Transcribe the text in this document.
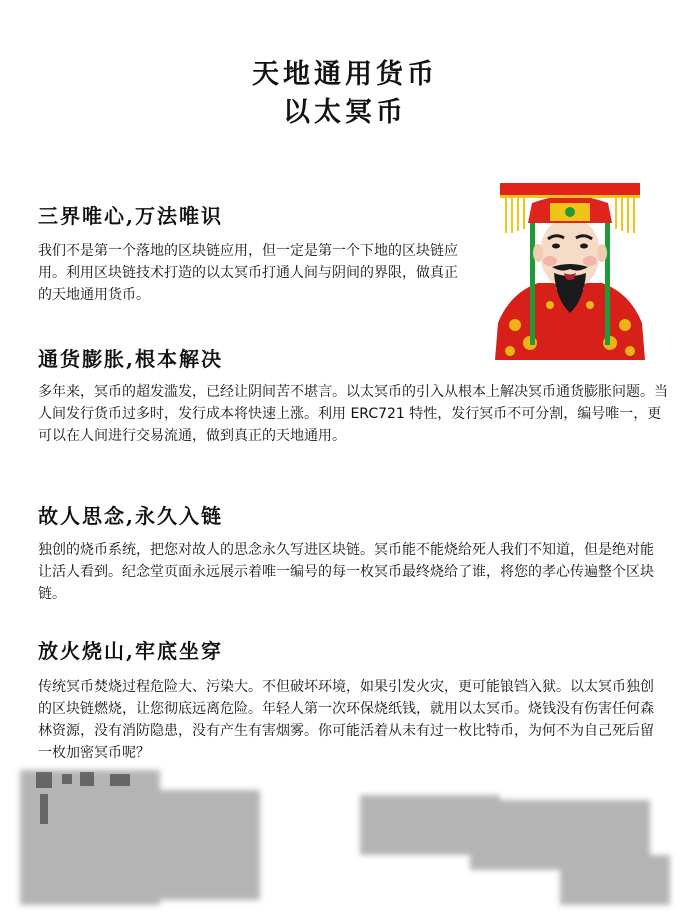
天地通用货币
以太冥币
三界唯心,万法唯识
我们不是第一个落地的区块链应用，但一定是第一个下地的区块链应用。利用区块链技术打造的以太冥币打通人间与阴间的界限，做真正的天地通用货币。
通货膨胀,根本解决
多年来，冥币的超发滥发，已经让阴间苦不堪言。以太冥币的引入从根本上解决冥币通货膨胀问题。当人间发行货币过多时，发行成本将快速上涨。利用 ERC721 特性，发行冥币不可分割，编号唯一，更可以在人间进行交易流通，做到真正的天地通用。
故人思念,永久入链
独创的烧币系统，把您对故人的思念永久写进区块链。冥币能不能烧给死人我们不知道，但是绝对能让活人看到。纪念堂页面永远展示着唯一编号的每一枚冥币最终烧给了谁，将您的孝心传遍整个区块链。
放火烧山,牢底坐穿
传统冥币焚烧过程危险大、污染大。不但破坏环境，如果引发火灾，更可能锒铛入狱。以太冥币独创的区块链燃烧，让您彻底远离危险。年轻人第一次环保烧纸钱，就用以太冥币。烧钱没有伤害任何森林资源，没有消防隐患，没有产生有害烟雾。你可能活着从未有过一枚比特币，为何不为自己死后留一枚加密冥币呢？
